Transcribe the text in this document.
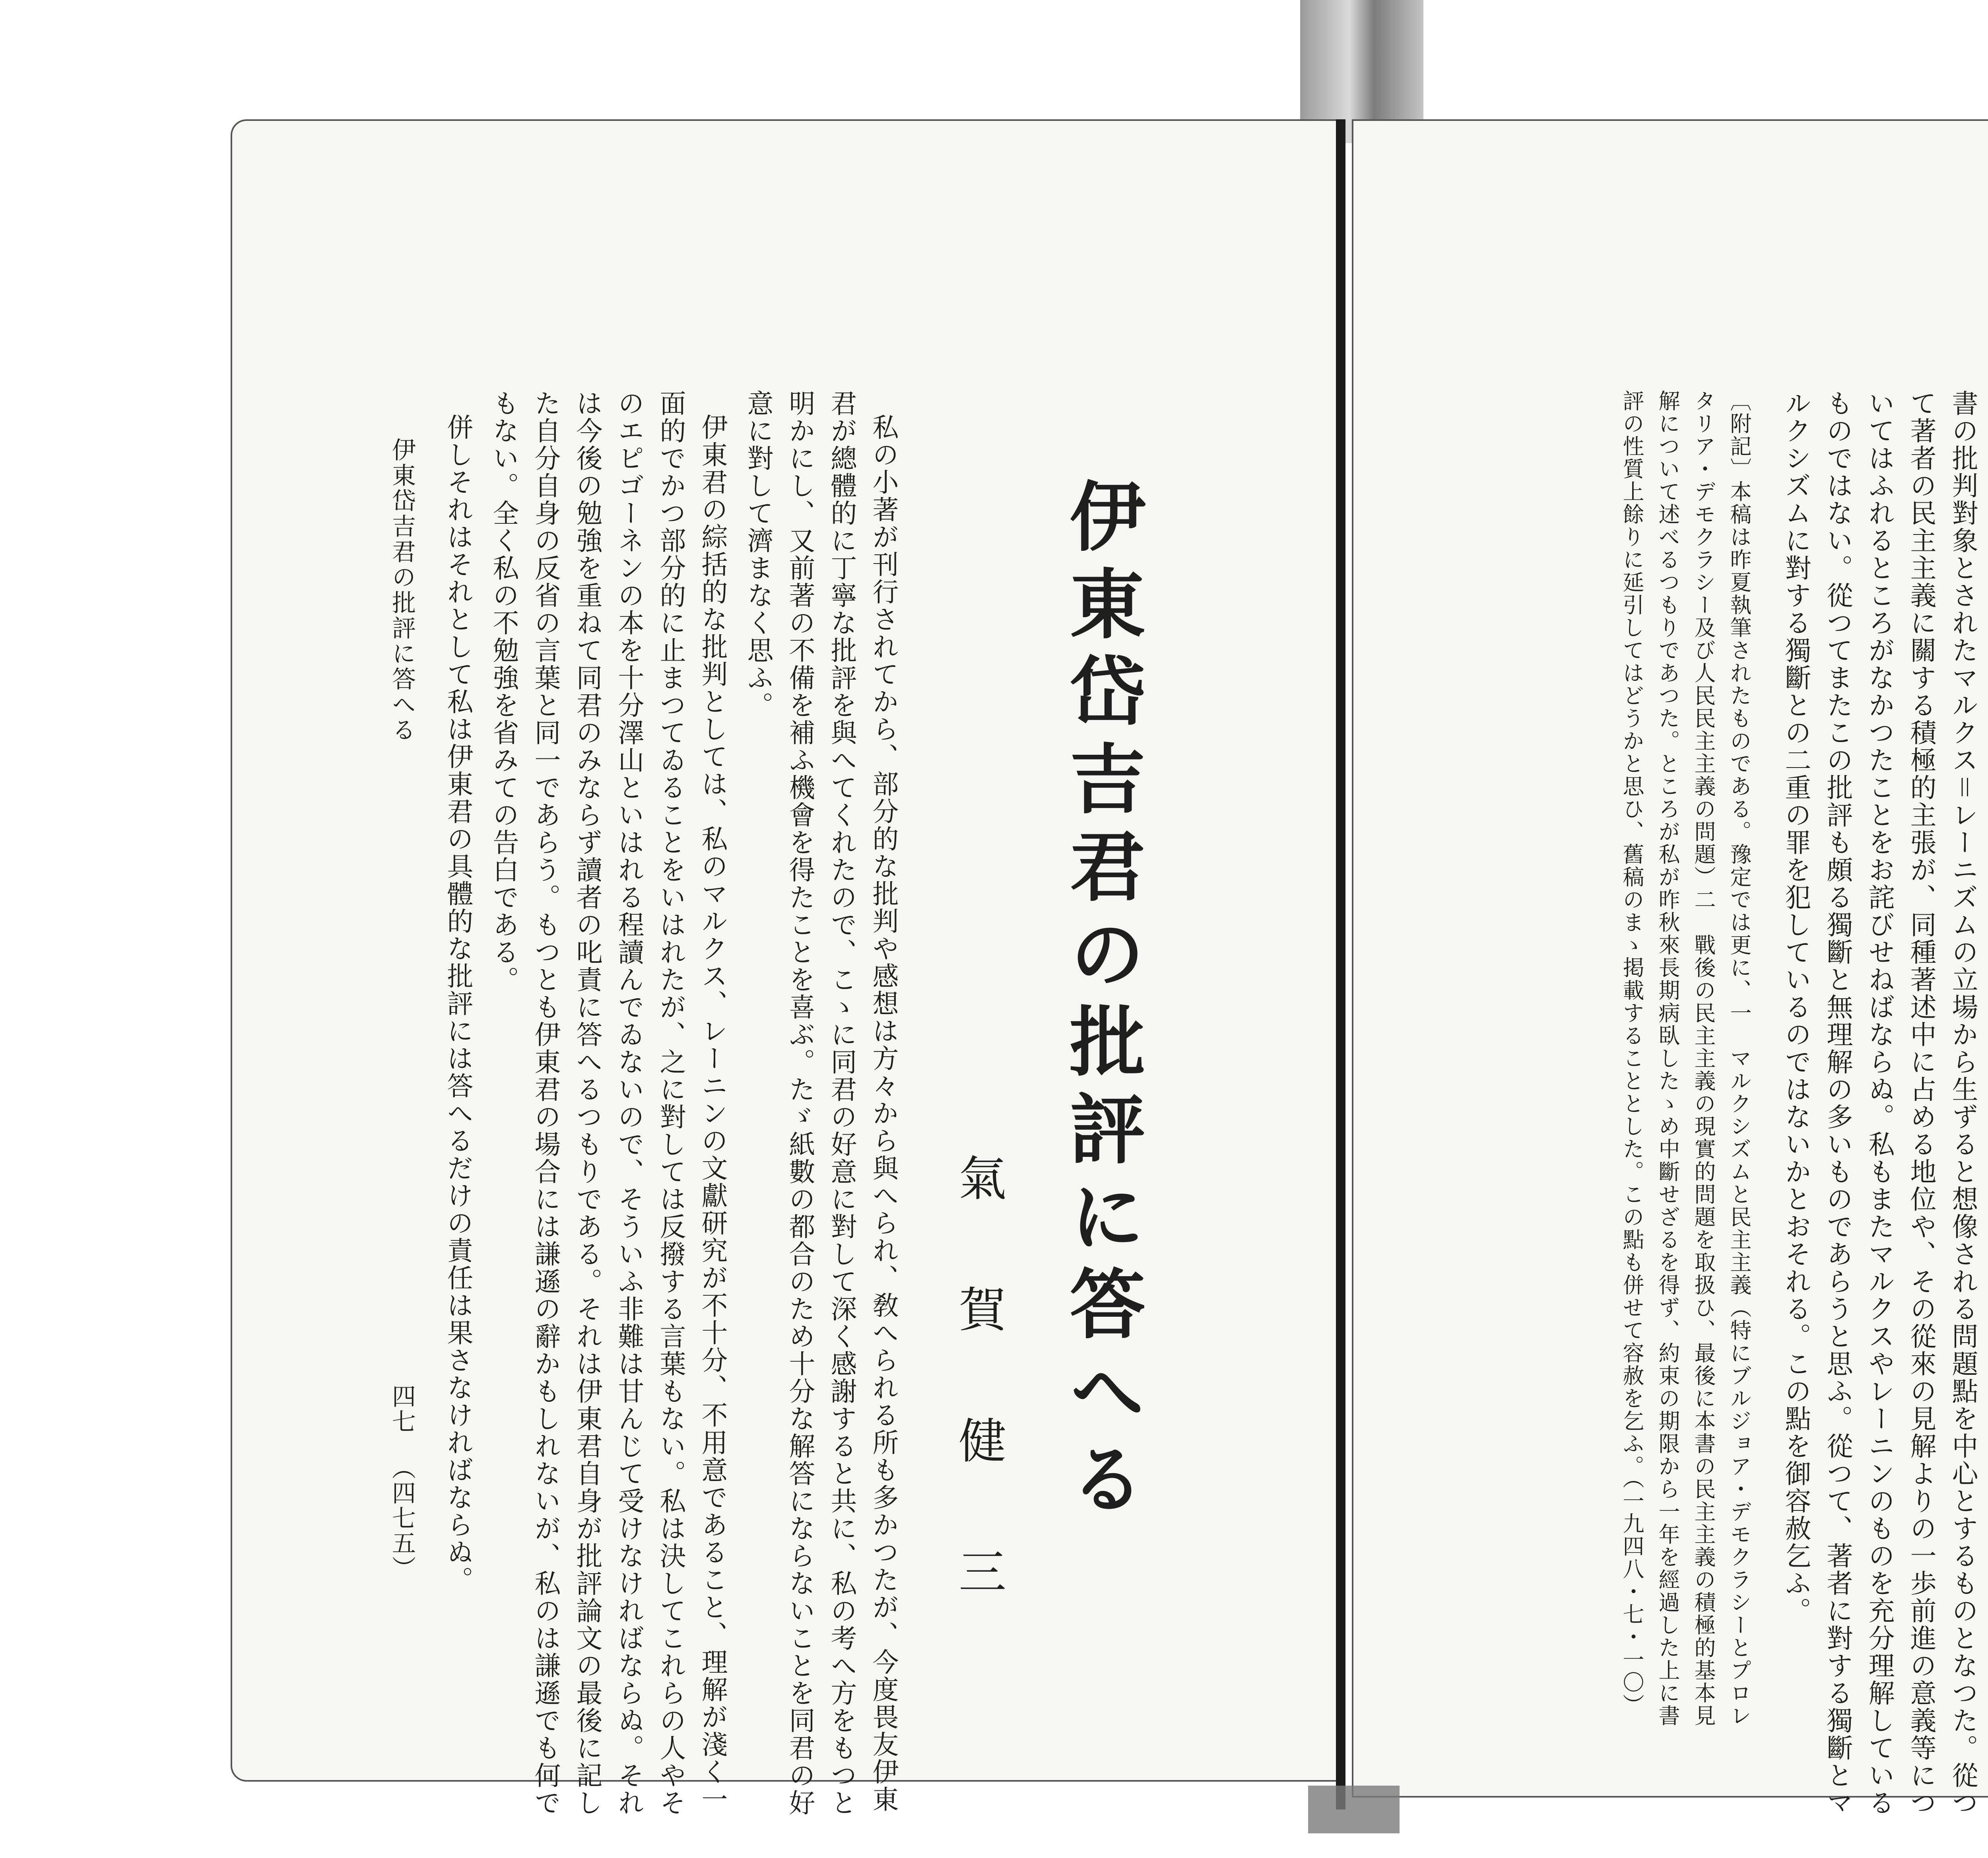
書の批判對象とされたマルクス＝レーニズムの立場から生ずると想像される問題點を中心とするものとなつた。從つ
て著者の民主主義に關する積極的主張が、同種著述中に占める地位や、その從來の見解よりの一歩前進の意義等につ
いてはふれるところがなかつたことをお詫びせねばならぬ。私もまたマルクスやレーニンのものを充分理解している
ものではない。從つてまたこの批評も頗る獨斷と無理解の多いものであらうと思ふ。從つて、著者に對する獨斷とマ
ルクシズムに對する獨斷との二重の罪を犯しているのではないかとおそれる。この點を御容赦乞ふ。
〔附記〕本稿は昨夏執筆されたものである。豫定では更に、一　マルクシズムと民主主義（特にブルジョア・デモクラシーとプロレ
タリア・デモクラシー及び人民民主主義の問題）二　戰後の民主主義の現實的問題を取扱ひ、最後に本書の民主主義の積極的基本見
解について述べるつもりであつた。ところが私が昨秋來長期病臥したゝめ中斷せざるを得ず、約束の期限から一年を經過した上に書
評の性質上餘りに延引してはどうかと思ひ、舊稿のまゝ掲載することとした。この點も併せて容赦を乞ふ。（一九四八・七・一〇）
伊東岱吉君の批評に答へる
氣賀健三
私の小著が刊行されてから、部分的な批判や感想は方々から與へられ、敎へられる所も多かつたが、今度畏友伊東
君が總體的に丁寧な批評を與へてくれたので、こゝに同君の好意に對して深く感謝すると共に、私の考へ方をもつと
明かにし、又前著の不備を補ふ機會を得たことを喜ぶ。たゞ紙數の都合のため十分な解答にならないことを同君の好
意に對して濟まなく思ふ。
伊東君の綜括的な批判としては、私のマルクス、レーニンの文獻研究が不十分、不用意であること、理解が淺く一
面的でかつ部分的に止まつてゐることをいはれたが、之に對しては反撥する言葉もない。私は決してこれらの人やそ
のエピゴーネンの本を十分澤山といはれる程讀んでゐないので、そういふ非難は甘んじて受けなければならぬ。それ
は今後の勉強を重ねて同君のみならず讀者の叱責に答へるつもりである。それは伊東君自身が批評論文の最後に記し
た自分自身の反省の言葉と同一であらう。もつとも伊東君の場合には謙遜の辭かもしれないが、私のは謙遜でも何で
もない。全く私の不勉強を省みての告白である。
併しそれはそれとして私は伊東君の具體的な批評には答へるだけの責任は果さなければならぬ。
伊東岱吉君の批評に答へる
四七
（四七五）
